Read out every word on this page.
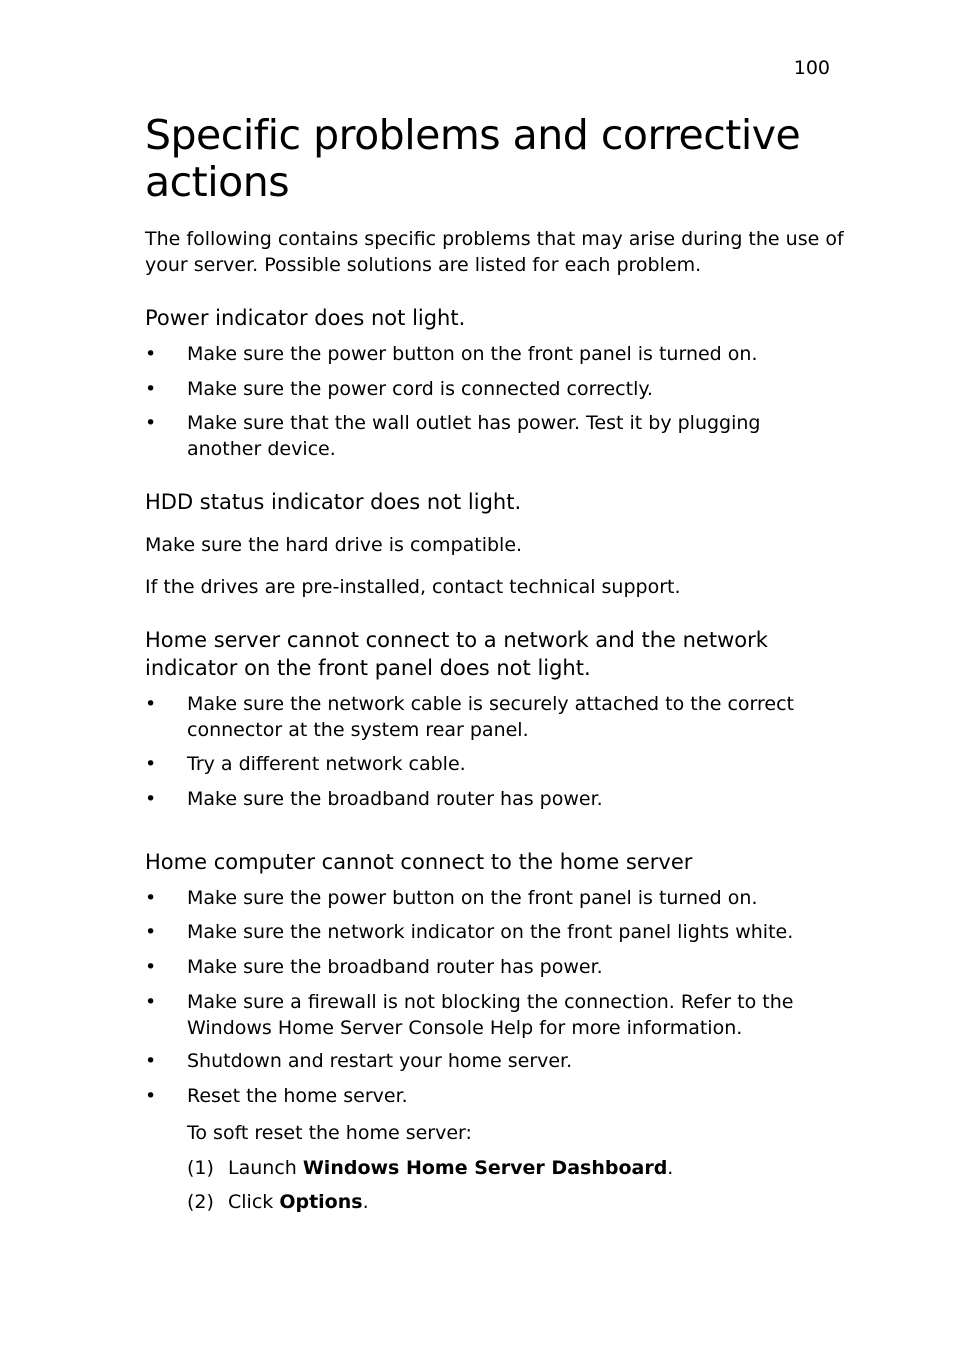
100
Specific problems and corrective actions

The following contains specific problems that may arise during the use of your server. Possible solutions are listed for each problem.

Power indicator does not light.
• Make sure the power button on the front panel is turned on.
• Make sure the power cord is connected correctly.
• Make sure that the wall outlet has power. Test it by plugging another device.
HDD status indicator does not light.

Make sure the hard drive is compatible.

If the drives are pre-installed, contact technical support.

Home server cannot connect to a network and the network indicator on the front panel does not light.
• Make sure the network cable is securely attached to the correct connector at the system rear panel.
• Try a different network cable.
• Make sure the broadband router has power.
Home computer cannot connect to the home server
• Make sure the power button on the front panel is turned on.
• Make sure the network indicator on the front panel lights white.
• Make sure the broadband router has power.
• Make sure a firewall is not blocking the connection. Refer to the Windows Home Server Console Help for more information.
• Shutdown and restart your home server.
• Reset the home server.
To soft reset the home server:
(1) Launch Windows Home Server Dashboard.
(2) Click Options.
